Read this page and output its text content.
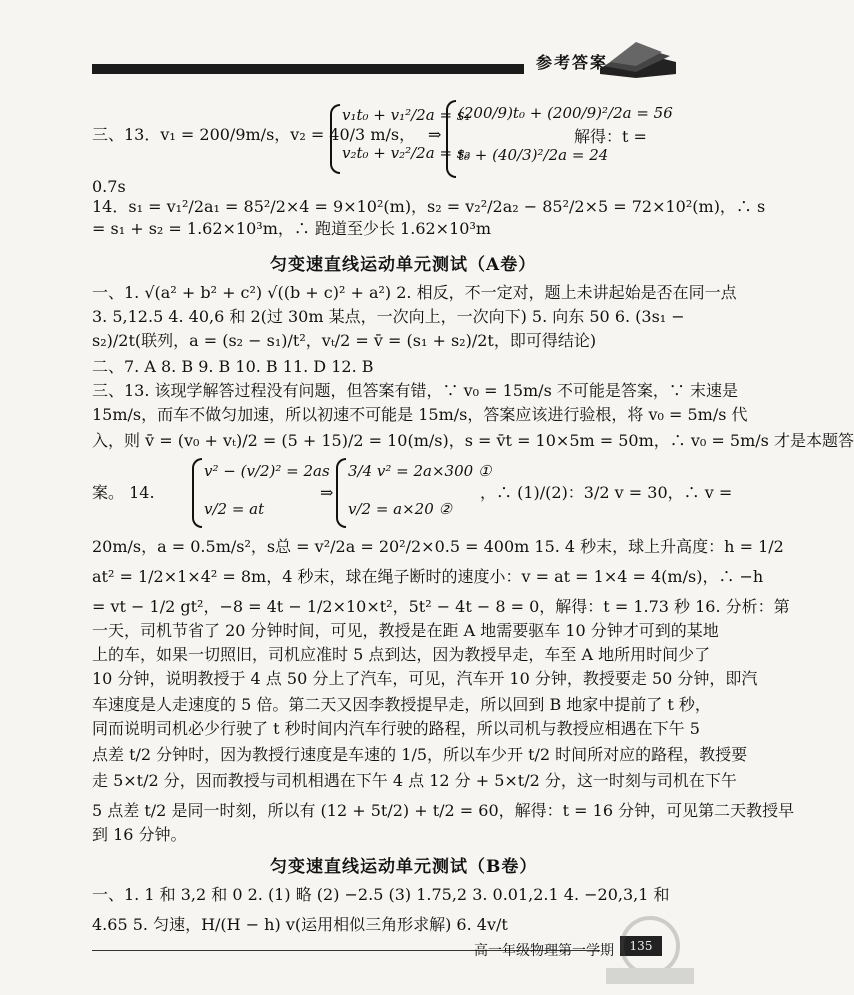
参考答案
三、13．v₁ = 200/9m/s，v₂ = 40/3 m/s，
v₁t₀ + v₁²/2a = s₁
v₂t₀ + v₂²/2a = s₂
⇒
(200/9)t₀ + (200/9)²/2a = 56
t₀ + (40/3)²/2a = 24
解得：t =
0.7s
14．s₁ = v₁²/2a₁ = 85²/2×4 = 9×10²(m)，s₂ = v₂²/2a₂ − 85²/2×5 = 72×10²(m)，∴ s
= s₁ + s₂ = 1.62×10³m，∴ 跑道至少长 1.62×10³m
匀变速直线运动单元测试（A卷）
一、1. √(a² + b² + c²) √((b + c)² + a²) 2. 相反，不一定对，题上未讲起始是否在同一点
3. 5,12.5 4. 40,6 和 2(过 30m 某点，一次向上，一次向下) 5. 向东 50 6. (3s₁ −
s₂)/2t(联列，a = (s₂ − s₁)/t²，vₜ/2 = v̄ = (s₁ + s₂)/2t，即可得结论)
二、7. A 8. B 9. B 10. B 11. D 12. B
三、13. 该现学解答过程没有问题，但答案有错，∵ v₀ = 15m/s 不可能是答案，∵ 末速是
15m/s，而车不做匀加速，所以初速不可能是 15m/s，答案应该进行验根，将 v₀ = 5m/s 代
入，则 v̄ = (v₀ + vₜ)/2 = (5 + 15)/2 = 10(m/s)，s = v̄t = 10×5m = 50m，∴ v₀ = 5m/s 才是本题答
案。 14.
v² − (v/2)² = 2as
v/2 = at
⇒
3/4 v² = 2a×300 ①
v/2 = a×20 ②
，∴ (1)/(2)：3/2 v = 30，∴ v =
20m/s，a = 0.5m/s²，s总 = v²/2a = 20²/2×0.5 = 400m 15. 4 秒末，球上升高度：h = 1/2
at² = 1/2×1×4² = 8m，4 秒末，球在绳子断时的速度小：v = at = 1×4 = 4(m/s)，∴ −h
= vt − 1/2 gt²，−8 = 4t − 1/2×10×t²，5t² − 4t − 8 = 0，解得：t = 1.73 秒 16. 分析：第
一天，司机节省了 20 分钟时间，可见，教授是在距 A 地需要驱车 10 分钟才可到的某地
上的车，如果一切照旧，司机应准时 5 点到达，因为教授早走，车至 A 地所用时间少了
10 分钟，说明教授于 4 点 50 分上了汽车，可见，汽车开 10 分钟，教授要走 50 分钟，即汽
车速度是人走速度的 5 倍。第二天又因李教授提早走，所以回到 B 地家中提前了 t 秒，
同而说明司机必少行驶了 t 秒时间内汽车行驶的路程，所以司机与教授应相遇在下午 5
点差 t/2 分钟时，因为教授行速度是车速的 1/5，所以车少开 t/2 时间所对应的路程，教授要
走 5×t/2 分，因而教授与司机相遇在下午 4 点 12 分 + 5×t/2 分，这一时刻与司机在下午
5 点差 t/2 是同一时刻，所以有 (12 + 5t/2) + t/2 = 60，解得：t = 16 分钟，可见第二天教授早
到 16 分钟。
匀变速直线运动单元测试（B卷）
一、1. 1 和 3,2 和 0 2. (1) 略 (2) −2.5 (3) 1.75,2 3. 0.01,2.1 4. −20,3,1 和
4.65 5. 匀速，H/(H − h) v(运用相似三角形求解) 6. 4v/t
高一年级物理第一学期	135
